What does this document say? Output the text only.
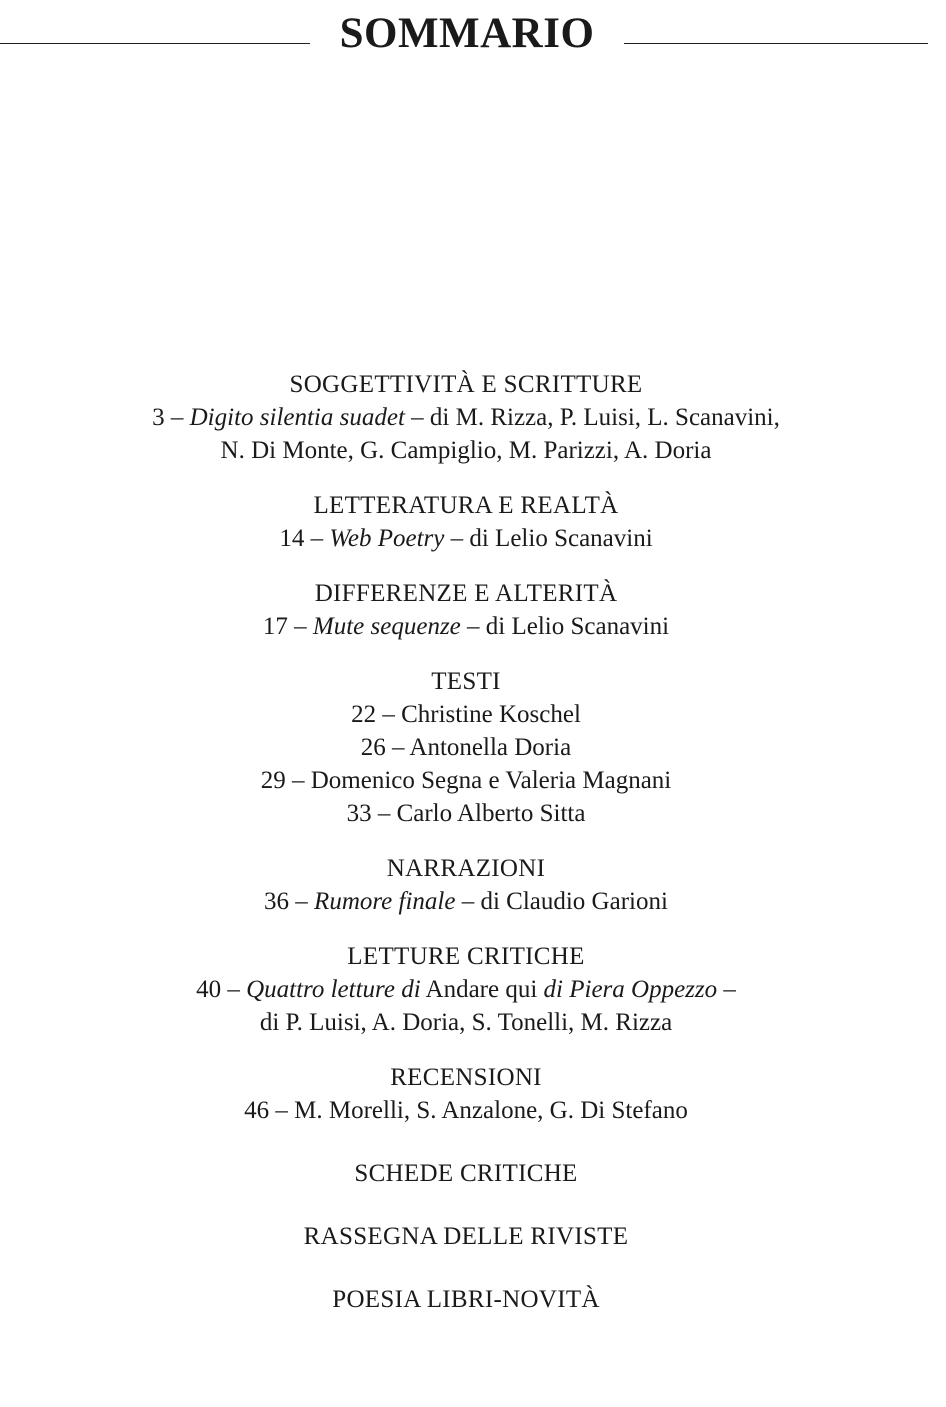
SOMMARIO
SOGGETTIVITÀ E SCRITTURE
3 – Digito silentia suadet – di M. Rizza, P. Luisi, L. Scanavini,
N. Di Monte, G. Campiglio, M. Parizzi, A. Doria
LETTERATURA E REALTÀ
14 – Web Poetry – di Lelio Scanavini
DIFFERENZE E ALTERITÀ
17 – Mute sequenze – di Lelio Scanavini
TESTI
22 – Christine Koschel
26 – Antonella Doria
29 – Domenico Segna e Valeria Magnani
33 – Carlo Alberto Sitta
NARRAZIONI
36 – Rumore finale – di Claudio Garioni
LETTURE CRITICHE
40 – Quattro letture di Andare qui di Piera Oppezzo –
di P. Luisi, A. Doria, S. Tonelli, M. Rizza
RECENSIONI
46 – M. Morelli, S. Anzalone, G. Di Stefano
SCHEDE CRITICHE
RASSEGNA DELLE RIVISTE
POESIA LIBRI-NOVITÀ
